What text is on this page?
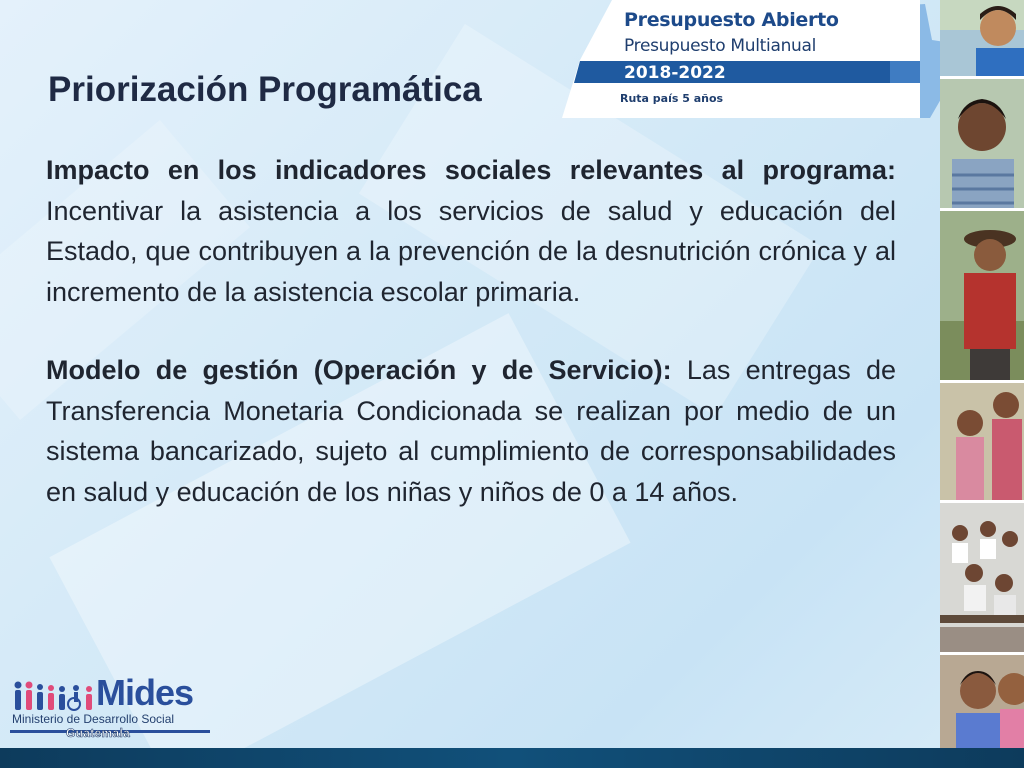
Presupuesto Abierto
Presupuesto Multianual
2018-2022
Ruta país 5 años
Priorización Programática

Impacto en los indicadores sociales relevantes al programa: Incentivar la asistencia a los servicios de salud y educación del Estado, que contribuyen a la prevención de la desnutrición crónica y al incremento de la asistencia escolar primaria.

Modelo de gestión (Operación y de Servicio): Las entregas de Transferencia Monetaria Condicionada se realizan por medio de un sistema bancarizado, sujeto al cumplimiento de corresponsabilidades en salud y educación de los niñas y niños de 0 a 14 años.

Mides
Ministerio de Desarrollo Social
Guatemala
